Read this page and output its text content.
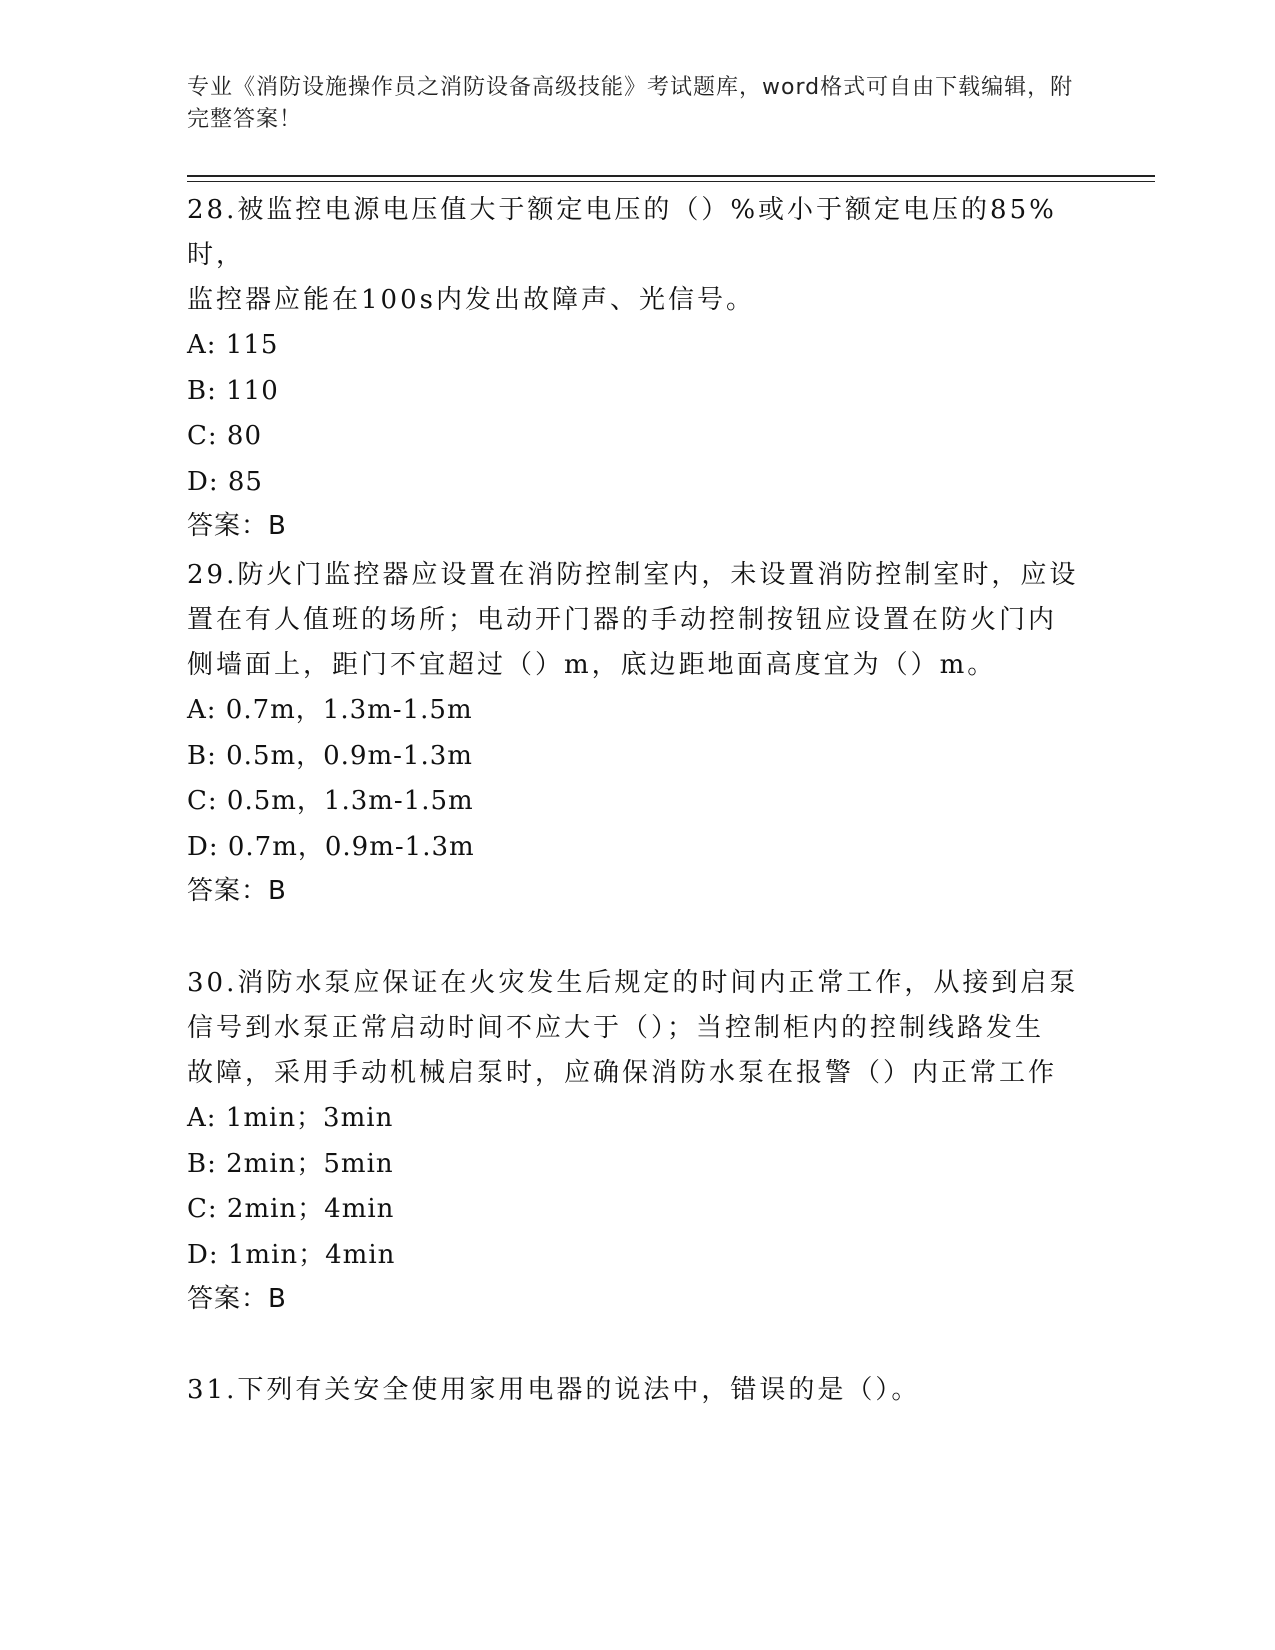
专业《消防设施操作员之消防设备高级技能》考试题库，word格式可自由下载编辑，附完整答案！

28.被监控电源电压值大于额定电压的（）%或小于额定电压的85%时，

监控器应能在100s内发出故障声、光信号。

A: 115

B: 110

C: 80

D: 85

答案：B

29.防火门监控器应设置在消防控制室内，未设置消防控制室时，应设

置在有人值班的场所；电动开门器的手动控制按钮应设置在防火门内

侧墙面上，距门不宜超过（）m，底边距地面高度宜为（）m。

A: 0.7m，1.3m-1.5m

B: 0.5m，0.9m-1.3m

C: 0.5m，1.3m-1.5m

D: 0.7m，0.9m-1.3m

答案：B

30.消防水泵应保证在火灾发生后规定的时间内正常工作，从接到启泵

信号到水泵正常启动时间不应大于（）；当控制柜内的控制线路发生

故障，采用手动机械启泵时，应确保消防水泵在报警（）内正常工作

A: 1min；3min

B: 2min；5min

C: 2min；4min

D: 1min；4min

答案：B

31.下列有关安全使用家用电器的说法中，错误的是（）。
